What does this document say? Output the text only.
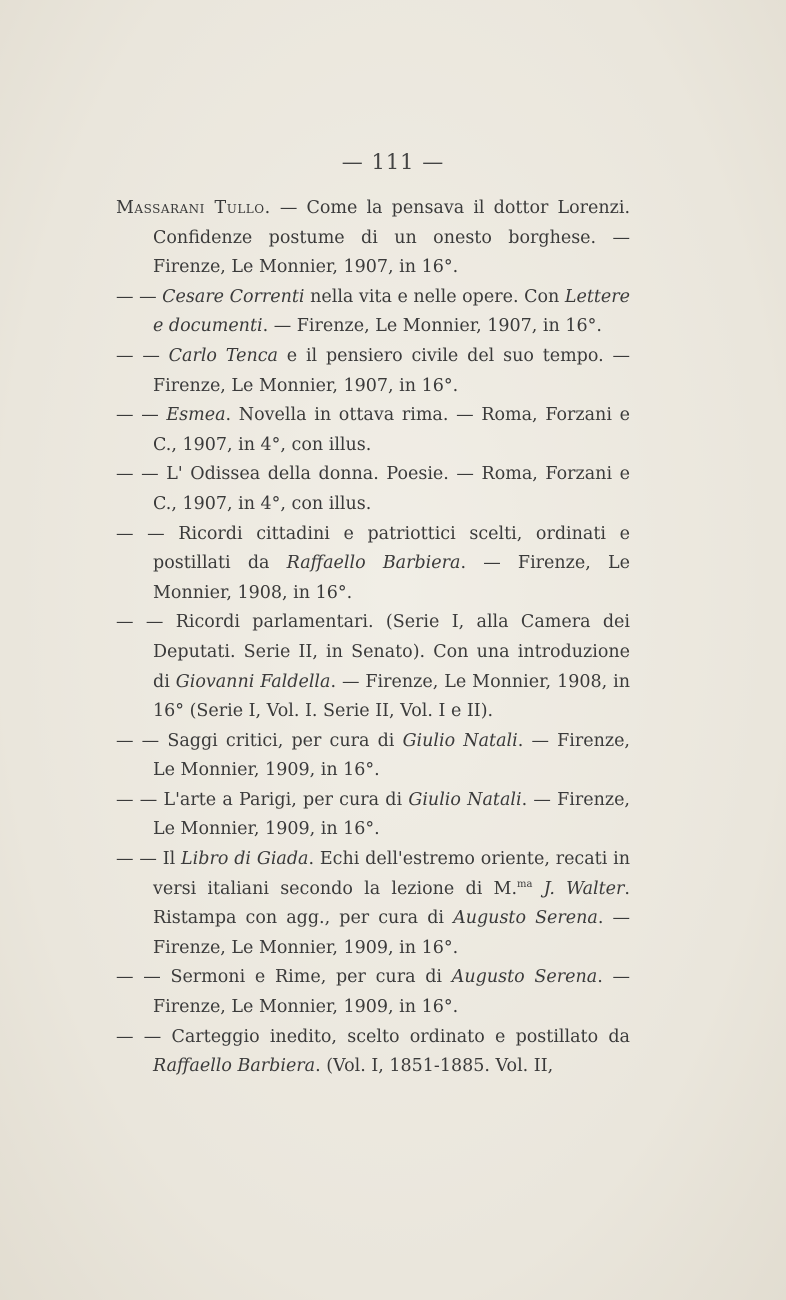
— 111 —

Massarani Tullo. — Come la pensava il dottor Lorenzi. Confidenze postume di un onesto borghese. — Firenze, Le Monnier, 1907, in 16°.

— — Cesare Correnti nella vita e nelle opere. Con Lettere e documenti. — Firenze, Le Monnier, 1907, in 16°.

— — Carlo Tenca e il pensiero civile del suo tempo. — Firenze, Le Monnier, 1907, in 16°.

— — Esmea. Novella in ottava rima. — Roma, Forzani e C., 1907, in 4°, con illus.

— — L' Odissea della donna. Poesie. — Roma, Forzani e C., 1907, in 4°, con illus.

— — Ricordi cittadini e patriottici scelti, ordinati e postillati da Raffaello Barbiera. — Firenze, Le Monnier, 1908, in 16°.

— — Ricordi parlamentari. (Serie I, alla Camera dei Deputati. Serie II, in Senato). Con una introduzione di Giovanni Faldella. — Firenze, Le Monnier, 1908, in 16° (Serie I, Vol. I. Serie II, Vol. I e II).

— — Saggi critici, per cura di Giulio Natali. — Firenze, Le Monnier, 1909, in 16°.

— — L'arte a Parigi, per cura di Giulio Natali. — Firenze, Le Monnier, 1909, in 16°.

— — Il Libro di Giada. Echi dell'estremo oriente, recati in versi italiani secondo la lezione di M.$^{ma}$ J. Walter. Ristampa con agg., per cura di Augusto Serena. — Firenze, Le Monnier, 1909, in 16°.

— — Sermoni e Rime, per cura di Augusto Serena. — Firenze, Le Monnier, 1909, in 16°.

— — Carteggio inedito, scelto ordinato e postillato da Raffaello Barbiera. (Vol. I, 1851-1885. Vol. II,
